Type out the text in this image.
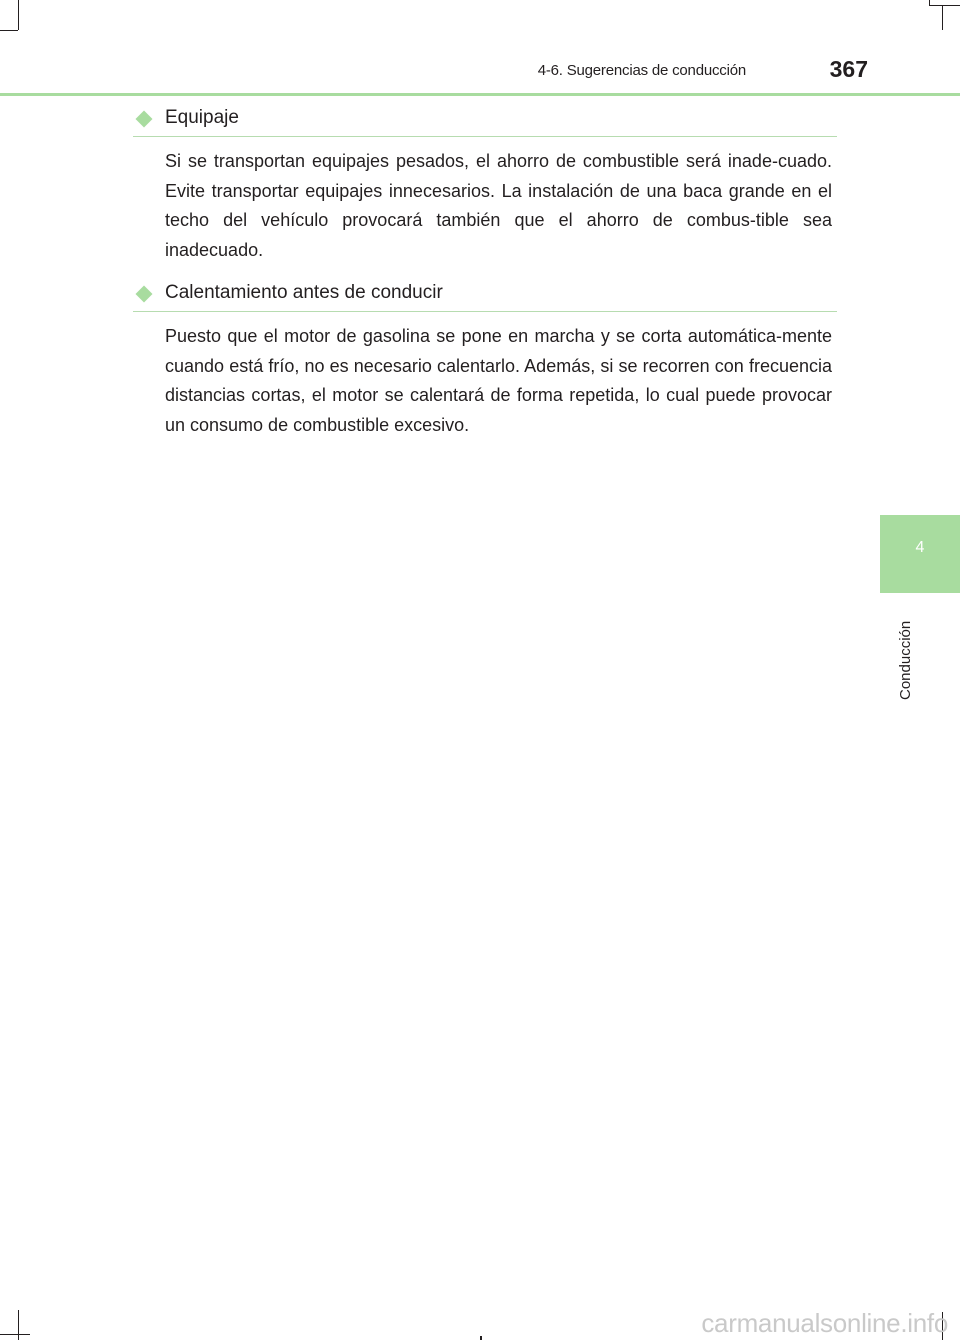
4-6. Sugerencias de conducción	367
Equipaje

Si se transportan equipajes pesados, el ahorro de combustible será inade-cuado. Evite transportar equipajes innecesarios. La instalación de una baca grande en el techo del vehículo provocará también que el ahorro de combus-tible sea inadecuado.

Calentamiento antes de conducir

Puesto que el motor de gasolina se pone en marcha y se corta automática-mente cuando está frío, no es necesario calentarlo. Además, si se recorren con frecuencia distancias cortas, el motor se calentará de forma repetida, lo cual puede provocar un consumo de combustible excesivo.

4
Conducción
carmanualsonline.info
